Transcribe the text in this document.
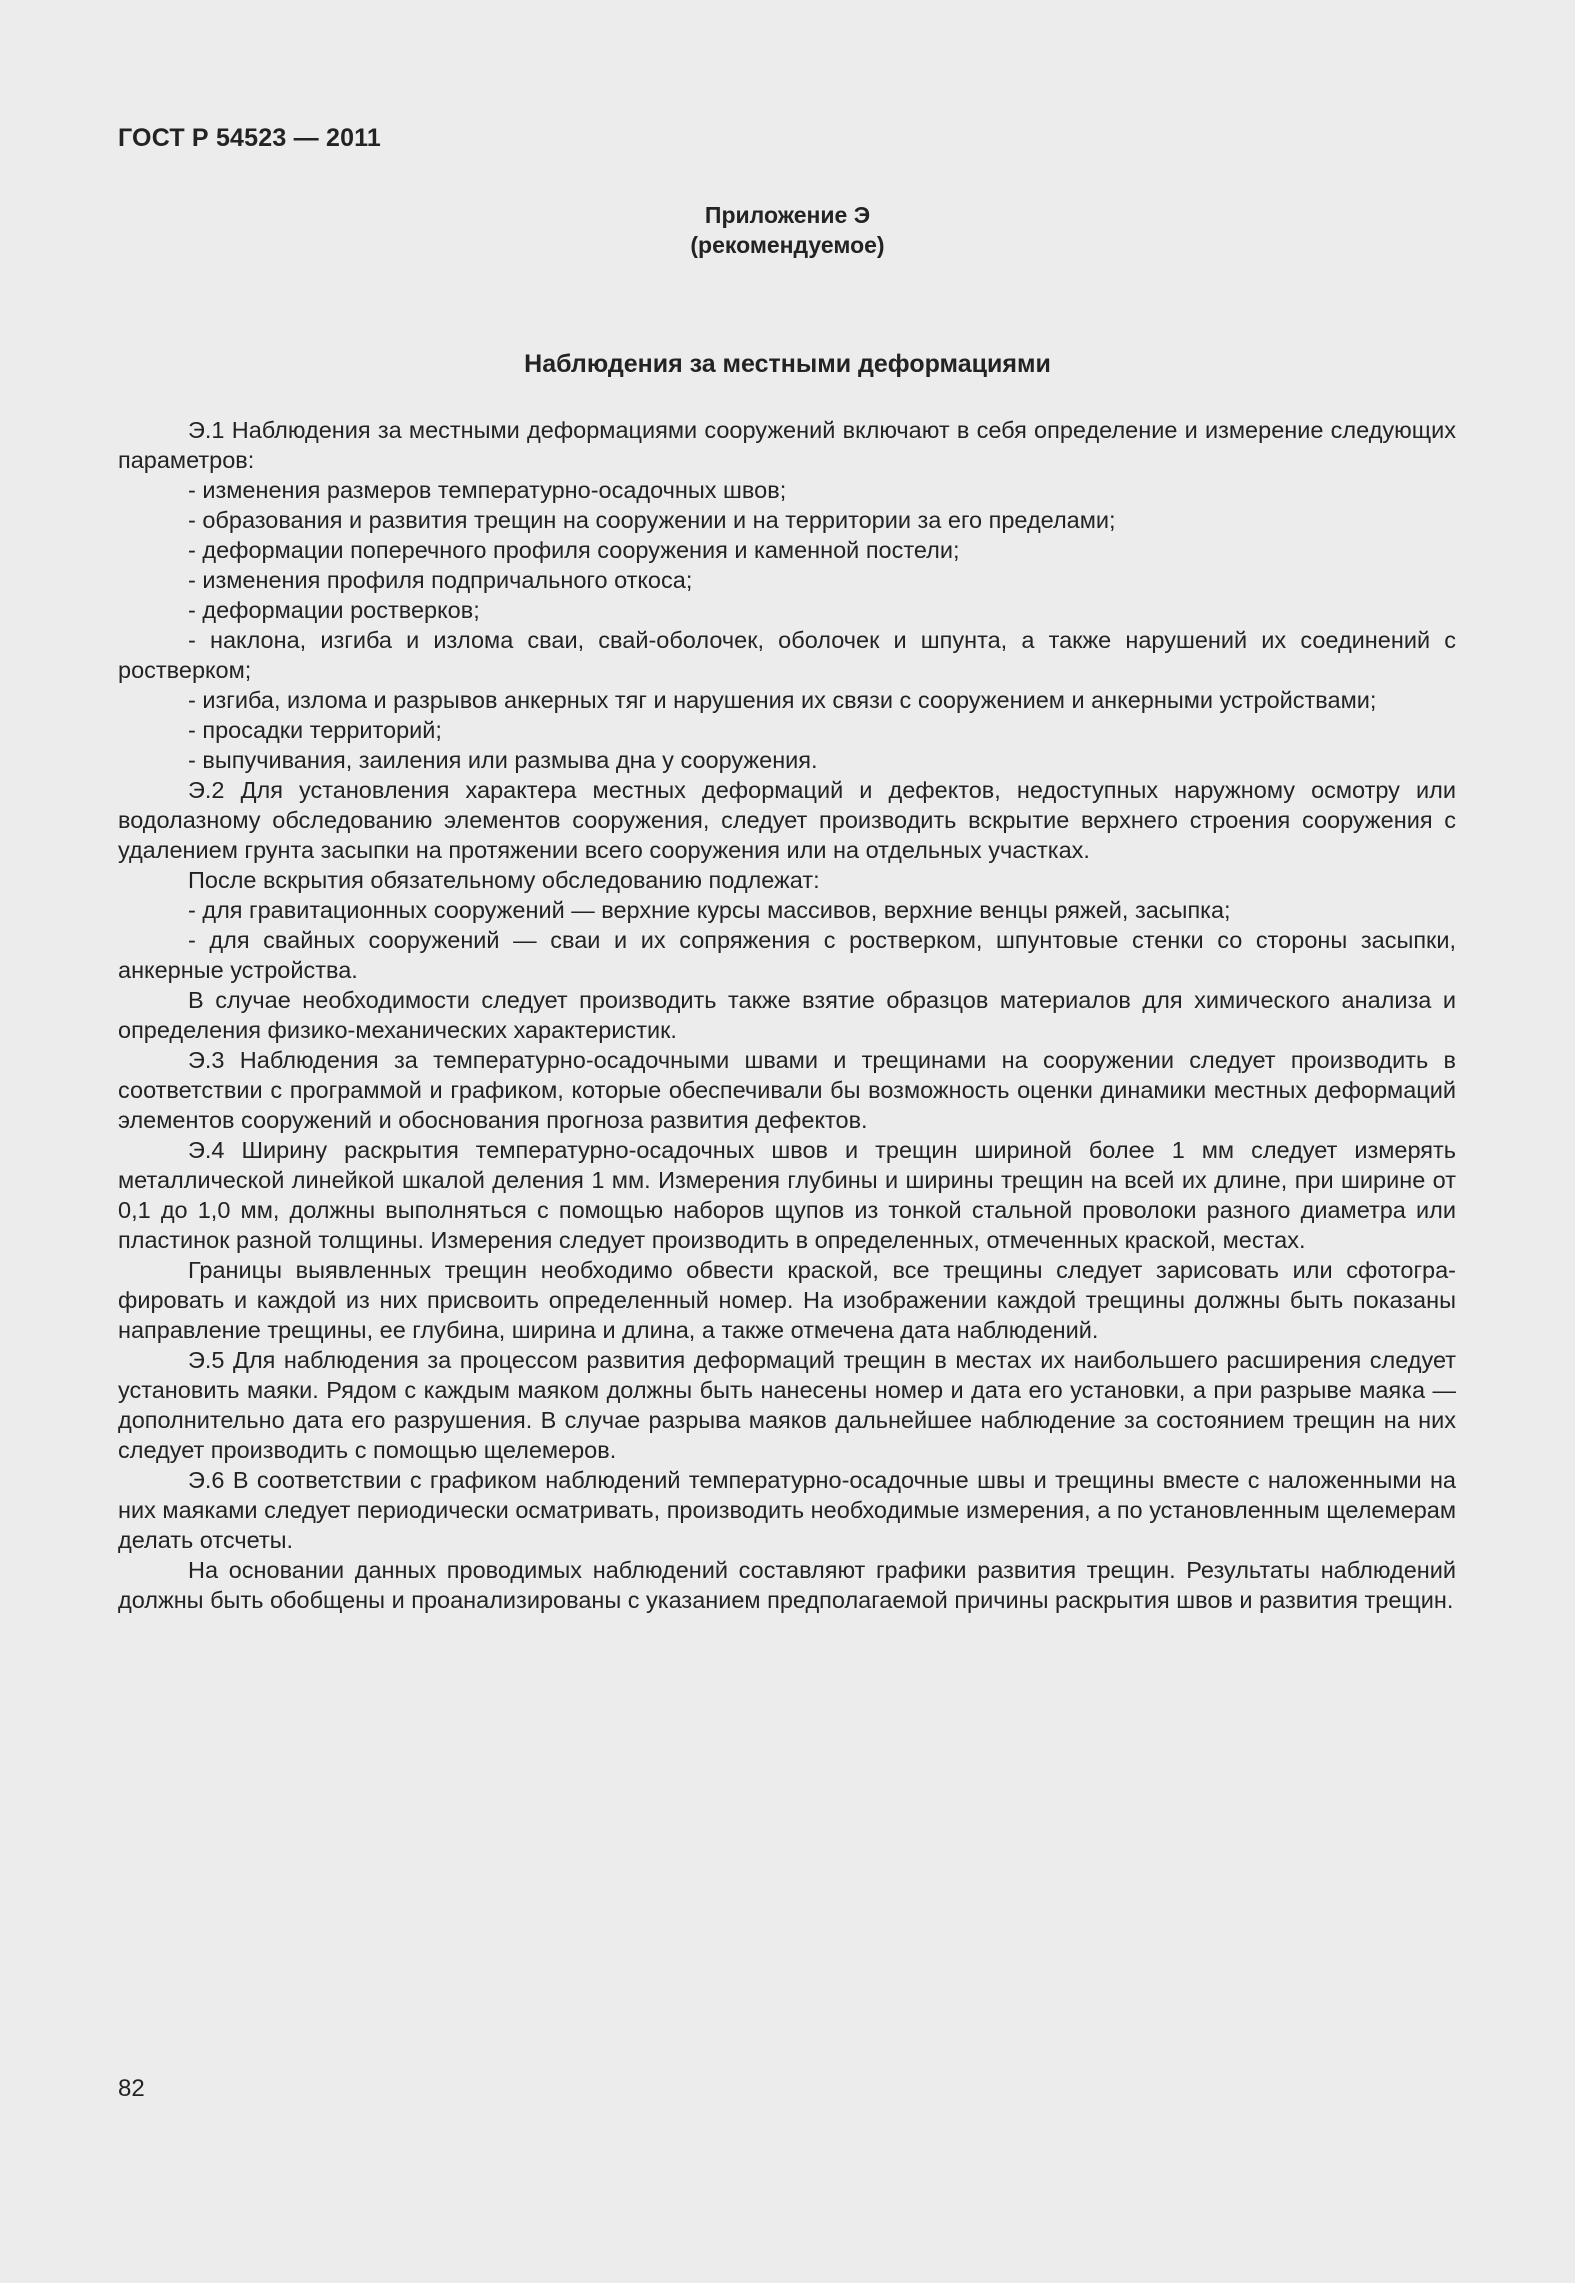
ГОСТ Р 54523 — 2011
Приложение Э
(рекомендуемое)
Наблюдения за местными деформациями

Э.1 Наблюдения за местными деформациями сооружений включают в себя определение и измерение следующих параметров:

- изменения размеров температурно-осадочных швов;

- образования и развития трещин на сооружении и на территории за его пределами;

- деформации поперечного профиля сооружения и каменной постели;

- изменения профиля подпричального откоса;

- деформации ростверков;

- наклона, изгиба и излома сваи, свай-оболочек, оболочек и шпунта, а также нарушений их соединений с ростверком;

- изгиба, излома и разрывов анкерных тяг и нарушения их связи с сооружением и анкерными устройствами;

- просадки территорий;

- выпучивания, заиления или размыва дна у сооружения.

Э.2 Для установления характера местных деформаций и дефектов, недоступных наружному осмотру или водолазному обследованию элементов сооружения, следует производить вскрытие верхнего строения сооружения с удалением грунта засыпки на протяжении всего сооружения или на отдельных участках.

После вскрытия обязательному обследованию подлежат:

- для гравитационных сооружений — верхние курсы массивов, верхние венцы ряжей, засыпка;

- для свайных сооружений — сваи и их сопряжения с ростверком, шпунтовые стенки со стороны засыпки, анкерные устройства.

В случае необходимости следует производить также взятие образцов материалов для химического анализа и определения физико-механических характеристик.

Э.3 Наблюдения за температурно-осадочными швами и трещинами на сооружении следует производить в соответствии с программой и графиком, которые обеспечивали бы возможность оценки динамики местных деформаций элементов сооружений и обоснования прогноза развития дефектов.

Э.4 Ширину раскрытия температурно-осадочных швов и трещин шириной более 1 мм следует измерять металлической линейкой шкалой деления 1 мм. Измерения глубины и ширины трещин на всей их длине, при ширине от 0,1 до 1,0 мм, должны выполняться с помощью наборов щупов из тонкой стальной проволоки разного диаметра или пластинок разной толщины. Измерения следует производить в определенных, отмеченных краской, местах.

Границы выявленных трещин необходимо обвести краской, все трещины следует зарисовать или сфотографировать и каждой из них присвоить определенный номер. На изображении каждой трещины должны быть показаны направление трещины, ее глубина, ширина и длина, а также отмечена дата наблюдений.

Э.5 Для наблюдения за процессом развития деформаций трещин в местах их наибольшего расширения следует установить маяки. Рядом с каждым маяком должны быть нанесены номер и дата его установки, а при разрыве маяка — дополнительно дата его разрушения. В случае разрыва маяков дальнейшее наблюдение за состоянием трещин на них следует производить с помощью щелемеров.

Э.6 В соответствии с графиком наблюдений температурно-осадочные швы и трещины вместе с наложенными на них маяками следует периодически осматривать, производить необходимые измерения, а по установленным щелемерам делать отсчеты.

На основании данных проводимых наблюдений составляют графики развития трещин. Результаты наблюдений должны быть обобщены и проанализированы с указанием предполагаемой причины раскрытия швов и развития трещин.

82
